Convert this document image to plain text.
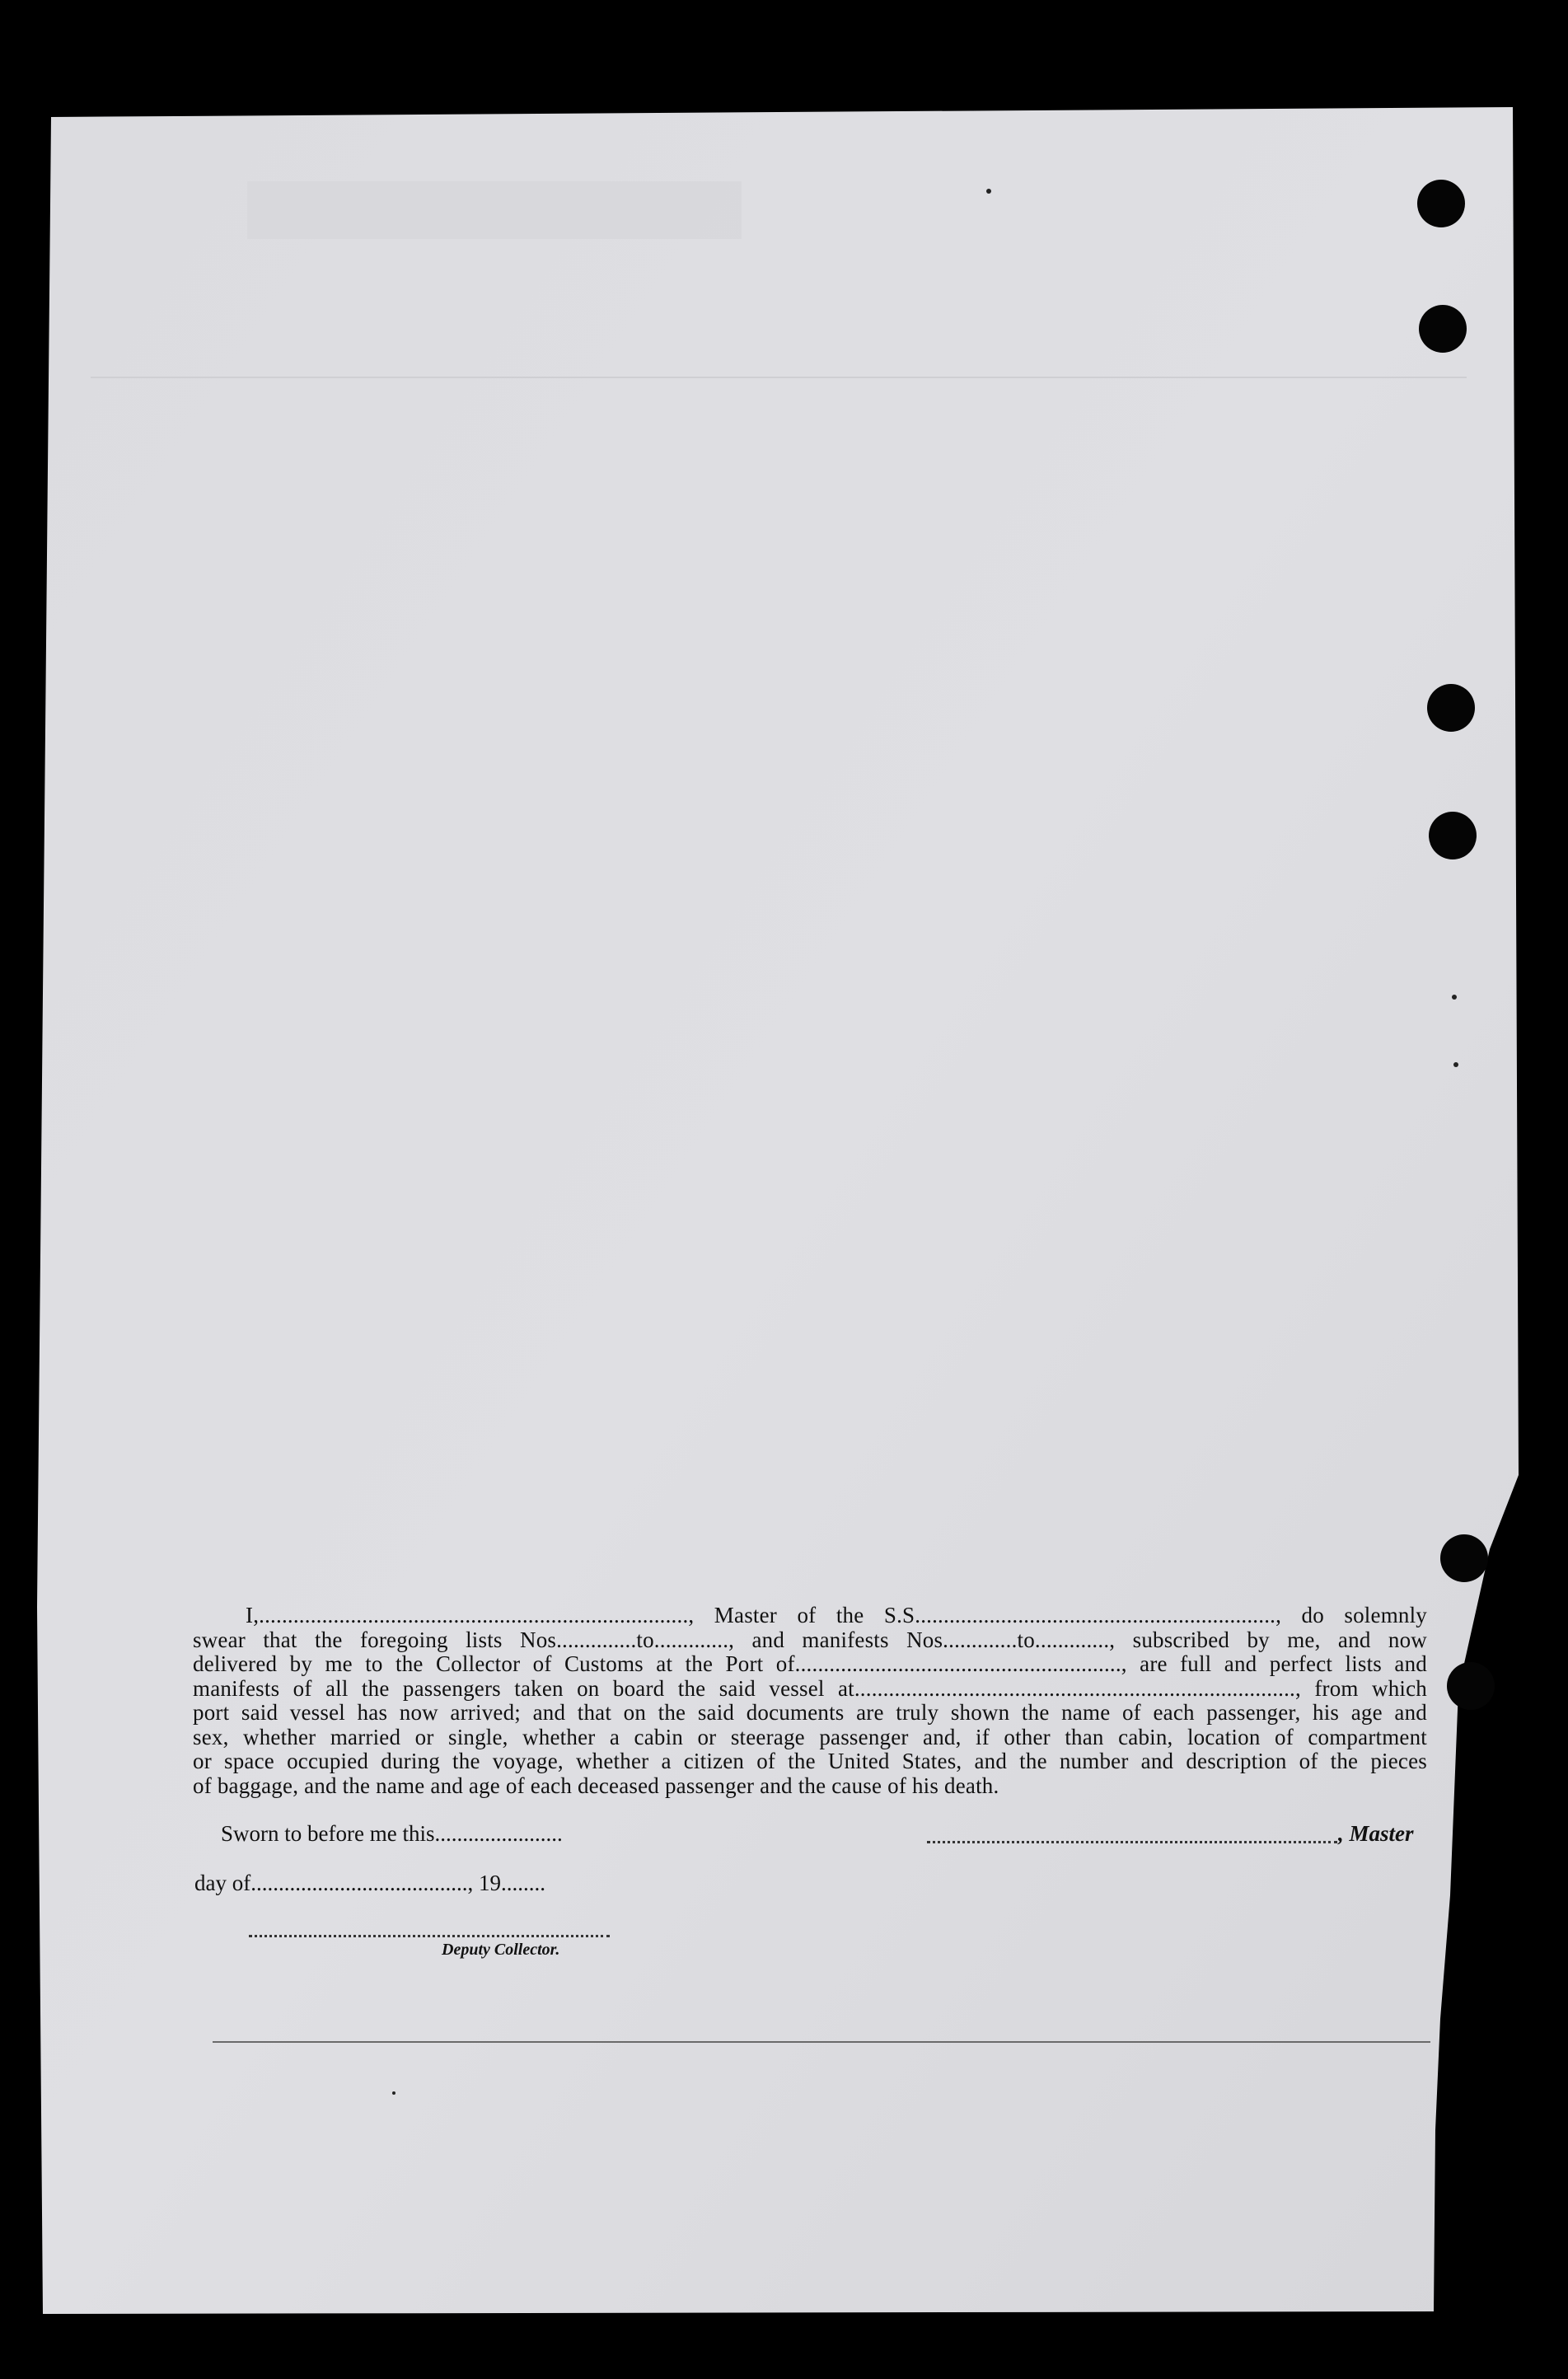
I,..........................................................................., Master of the S.S..............................................................., do solemnly
swear that the foregoing lists Nos..............to............., and manifests Nos.............to............., subscribed by me, and now
delivered by me to the Collector of Customs at the Port of........................................................., are full and perfect lists and
manifests of all the passengers taken on board the said vessel at............................................................................., from which
port said vessel has now arrived; and that on the said documents are truly shown the name of each passenger, his age and
sex, whether married or single, whether a cabin or steerage passenger and, if other than cabin, location of compartment
or space occupied during the voyage, whether a citizen of the United States, and the number and description of the pieces
of baggage, and the name and age of each deceased passenger and the cause of his death.
Sworn to before me this.......................	, Master
day of......................................., 19........
Deputy Collector.
